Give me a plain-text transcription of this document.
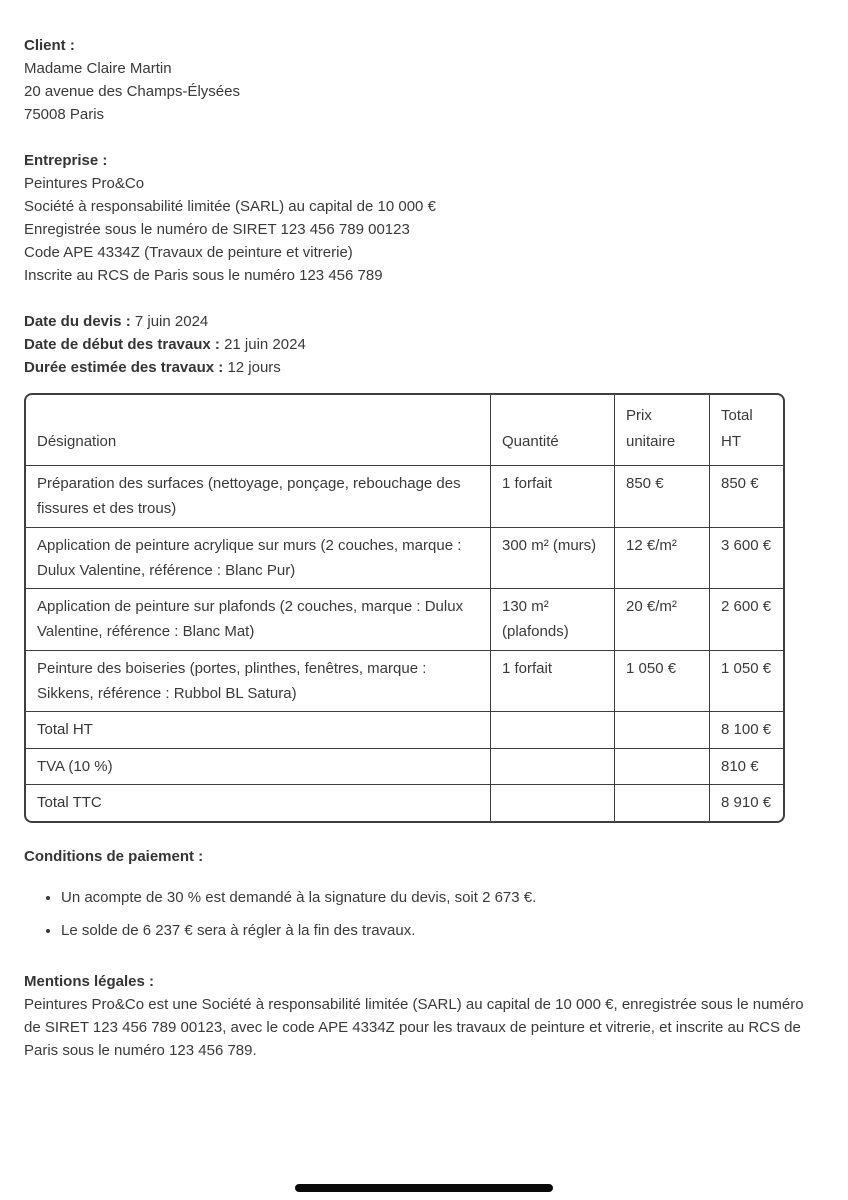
Client :

Madame Claire Martin

20 avenue des Champs-Élysées

75008 Paris

Entreprise :

Peintures Pro&Co

Société à responsabilité limitée (SARL) au capital de 10 000 €

Enregistrée sous le numéro de SIRET 123 456 789 00123

Code APE 4334Z (Travaux de peinture et vitrerie)

Inscrite au RCS de Paris sous le numéro 123 456 789

Date du devis : 7 juin 2024

Date de début des travaux : 21 juin 2024

Durée estimée des travaux : 12 jours

Désignation	Quantité	Prix unitaire	Total HT
Préparation des surfaces (nettoyage, ponçage, rebouchage des fissures et des trous)	1 forfait	850 €	850 €
Application de peinture acrylique sur murs (2 couches, marque : Dulux Valentine, référence : Blanc Pur)	300 m² (murs)	12 €/m²	3 600 €
Application de peinture sur plafonds (2 couches, marque : Dulux Valentine, référence : Blanc Mat)	130 m² (plafonds)	20 €/m²	2 600 €
Peinture des boiseries (portes, plinthes, fenêtres, marque : Sikkens, référence : Rubbol BL Satura)	1 forfait	1 050 €	1 050 €
Total HT			8 100 €
TVA (10 %)			810 €
Total TTC			8 910 €

Conditions de paiement :

• Un acompte de 30 % est demandé à la signature du devis, soit 2 673 €.
• Le solde de 6 237 € sera à régler à la fin des travaux.

Mentions légales :

Peintures Pro&Co est une Société à responsabilité limitée (SARL) au capital de 10 000 €, enregistrée sous le numéro de SIRET 123 456 789 00123, avec le code APE 4334Z pour les travaux de peinture et vitrerie, et inscrite au RCS de Paris sous le numéro 123 456 789.
